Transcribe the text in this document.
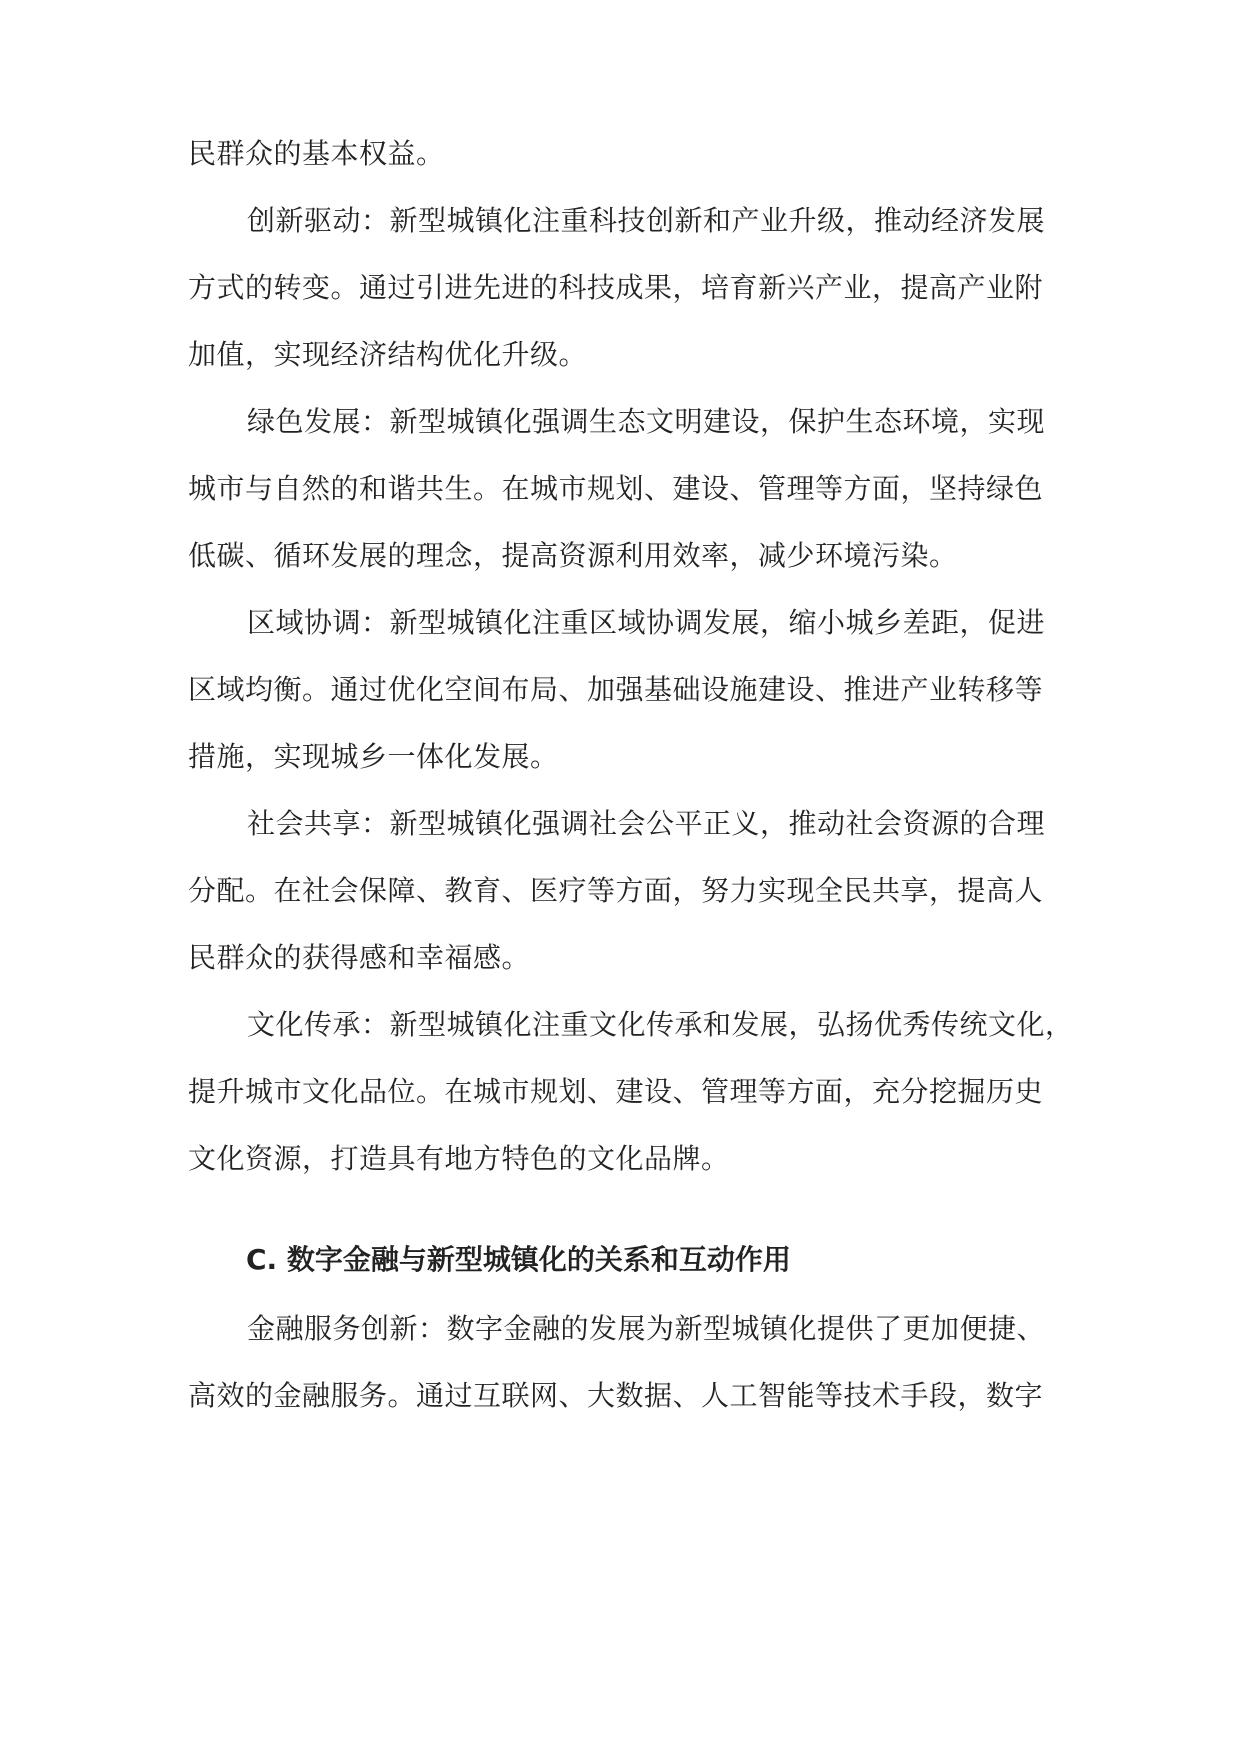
民群众的基本权益。
创新驱动：新型城镇化注重科技创新和产业升级，推动经济发展
方式的转变。通过引进先进的科技成果，培育新兴产业，提高产业附
加值，实现经济结构优化升级。
绿色发展：新型城镇化强调生态文明建设，保护生态环境，实现
城市与自然的和谐共生。在城市规划、建设、管理等方面，坚持绿色
低碳、循环发展的理念，提高资源利用效率，减少环境污染。
区域协调：新型城镇化注重区域协调发展，缩小城乡差距，促进
区域均衡。通过优化空间布局、加强基础设施建设、推进产业转移等
措施，实现城乡一体化发展。
社会共享：新型城镇化强调社会公平正义，推动社会资源的合理
分配。在社会保障、教育、医疗等方面，努力实现全民共享，提高人
民群众的获得感和幸福感。
文化传承：新型城镇化注重文化传承和发展，弘扬优秀传统文化，
提升城市文化品位。在城市规划、建设、管理等方面，充分挖掘历史
文化资源，打造具有地方特色的文化品牌。
C. 数字金融与新型城镇化的关系和互动作用
金融服务创新：数字金融的发展为新型城镇化提供了更加便捷、
高效的金融服务。通过互联网、大数据、人工智能等技术手段，数字
